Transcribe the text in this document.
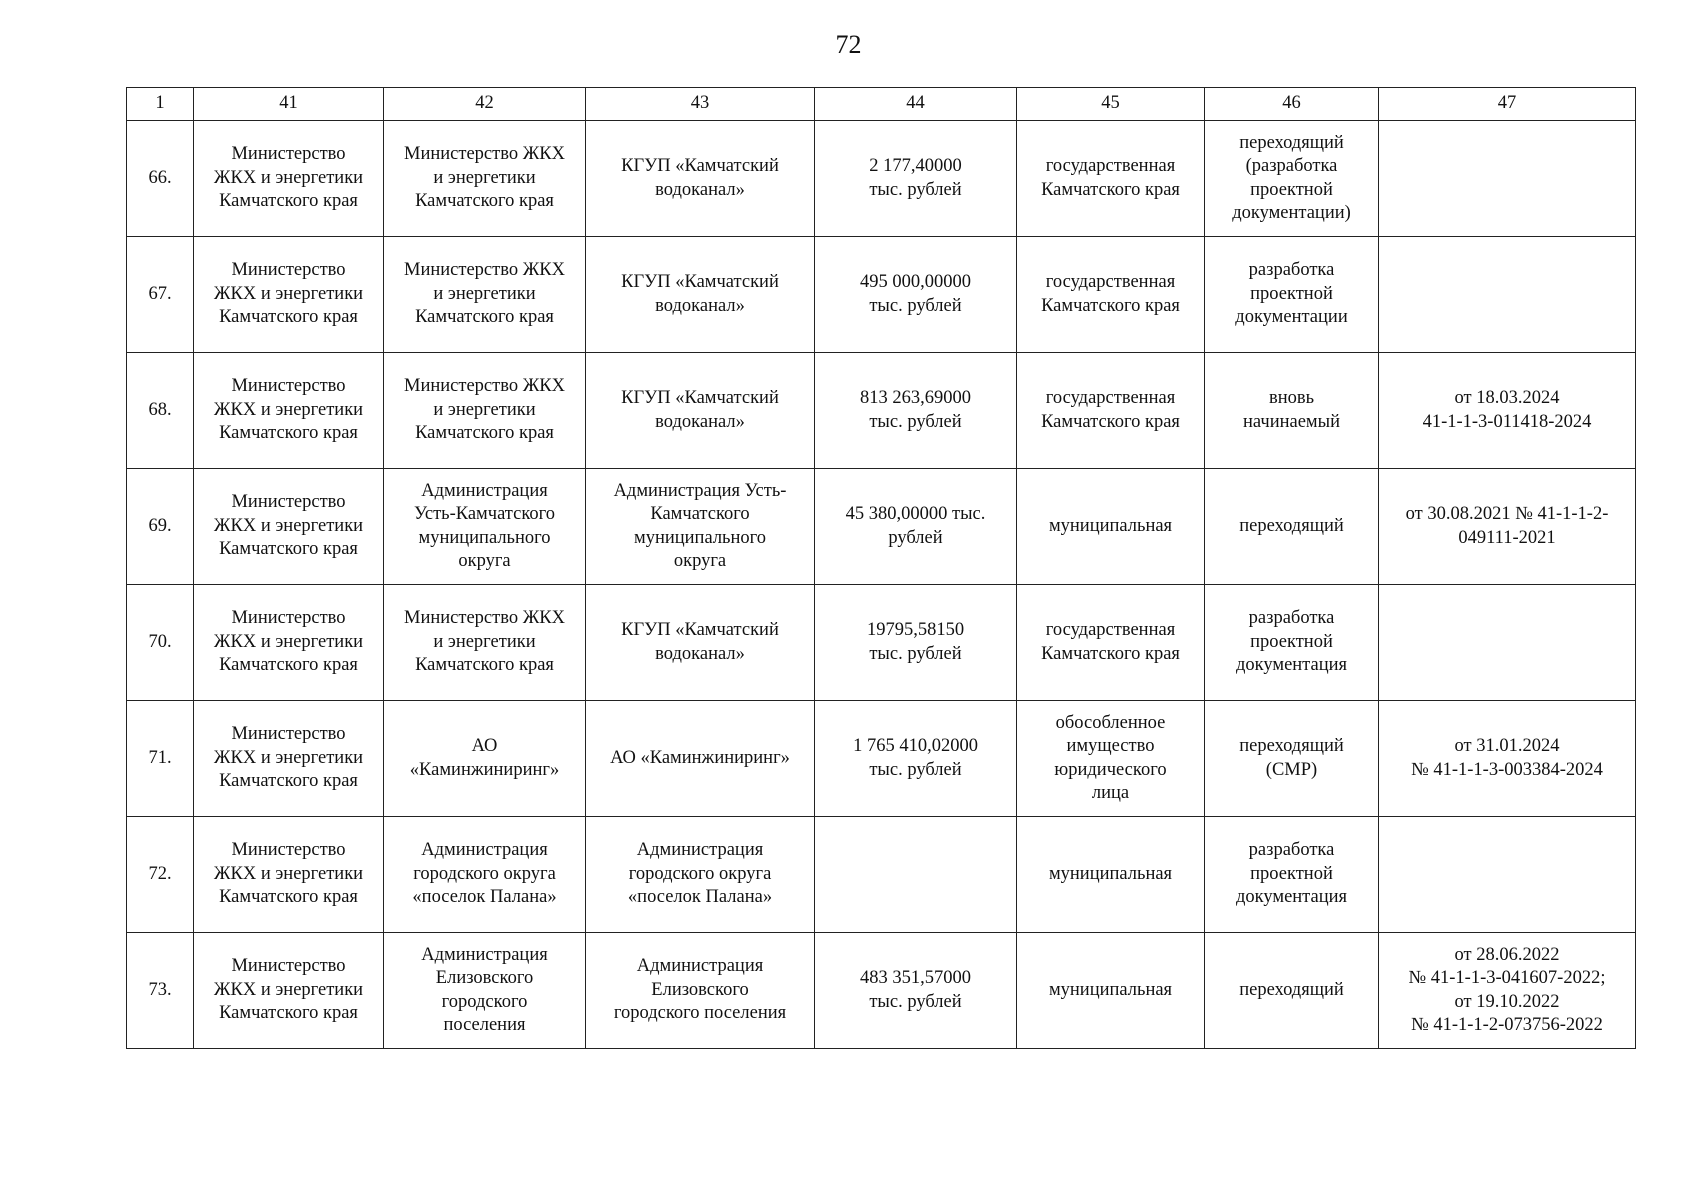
72
1	41	42	43	44	45	46	47
66.	Министерство
ЖКХ и энергетики
Камчатского края	Министерство ЖКХ
и энергетики
Камчатского края	КГУП «Камчатский
водоканал»	2 177,40000
тыс. рублей	государственная
Камчатского края	переходящий
(разработка
проектной
документации)	
67.	Министерство
ЖКХ и энергетики
Камчатского края	Министерство ЖКХ
и энергетики
Камчатского края	КГУП «Камчатский
водоканал»	495 000,00000
тыс. рублей	государственная
Камчатского края	разработка
проектной
документации	
68.	Министерство
ЖКХ и энергетики
Камчатского края	Министерство ЖКХ
и энергетики
Камчатского края	КГУП «Камчатский
водоканал»	813 263,69000
тыс. рублей	государственная
Камчатского края	вновь
начинаемый	от 18.03.2024
41-1-1-3-011418-2024
69.	Министерство
ЖКХ и энергетики
Камчатского края	Администрация
Усть-Камчатского
муниципального
округа	Администрация Усть-
Камчатского
муниципального
округа	45 380,00000 тыс.
рублей	муниципальная	переходящий	от 30.08.2021 № 41-1-1-2-
049111-2021
70.	Министерство
ЖКХ и энергетики
Камчатского края	Министерство ЖКХ
и энергетики
Камчатского края	КГУП «Камчатский
водоканал»	19795,58150
тыс. рублей	государственная
Камчатского края	разработка
проектной
документация	
71.	Министерство
ЖКХ и энергетики
Камчатского края	АО
«Каминжиниринг»	АО «Каминжиниринг»	1 765 410,02000
тыс. рублей	обособленное
имущество
юридического
лица	переходящий
(СМР)	от 31.01.2024
№ 41-1-1-3-003384-2024
72.	Министерство
ЖКХ и энергетики
Камчатского края	Администрация
городского округа
«поселок Палана»	Администрация
городского округа
«поселок Палана»		муниципальная	разработка
проектной
документация	
73.	Министерство
ЖКХ и энергетики
Камчатского края	Администрация
Елизовского
городского
поселения	Администрация
Елизовского
городского поселения	483 351,57000
тыс. рублей	муниципальная	переходящий	от 28.06.2022
№ 41-1-1-3-041607-2022;
от 19.10.2022
№ 41-1-1-2-073756-2022
